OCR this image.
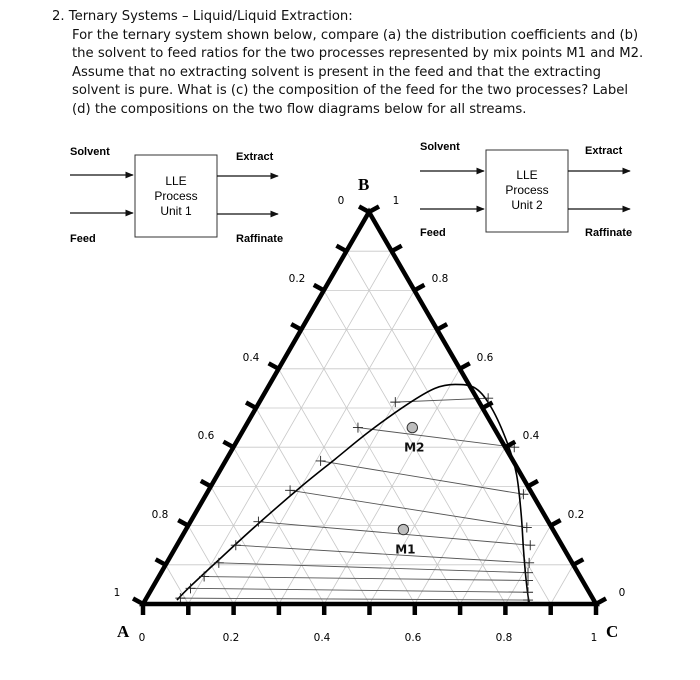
2. Ternary Systems – Liquid/Liquid Extraction:
For the ternary system shown below, compare (a) the distribution coefficients and (b)
the solvent to feed ratios for the two processes represented by mix points M1 and M2.
Assume that no extracting solvent is present in the feed and that the extracting
solvent is pure. What is (c) the composition of the feed for the two processes? Label
(d) the compositions on the two flow diagrams below for all streams.
LLE
Process
Unit 1
Solvent
Feed
Extract
Raffinate
LLE
Process
Unit 2
Solvent
Feed
Extract
Raffinate
M2
M1
A
B
C
0	0.2	0.4	0.6	0.8	1
1
0.8
0.6
0.4
0.2
0	1
0.8
0.6
0.4
0.2
0
